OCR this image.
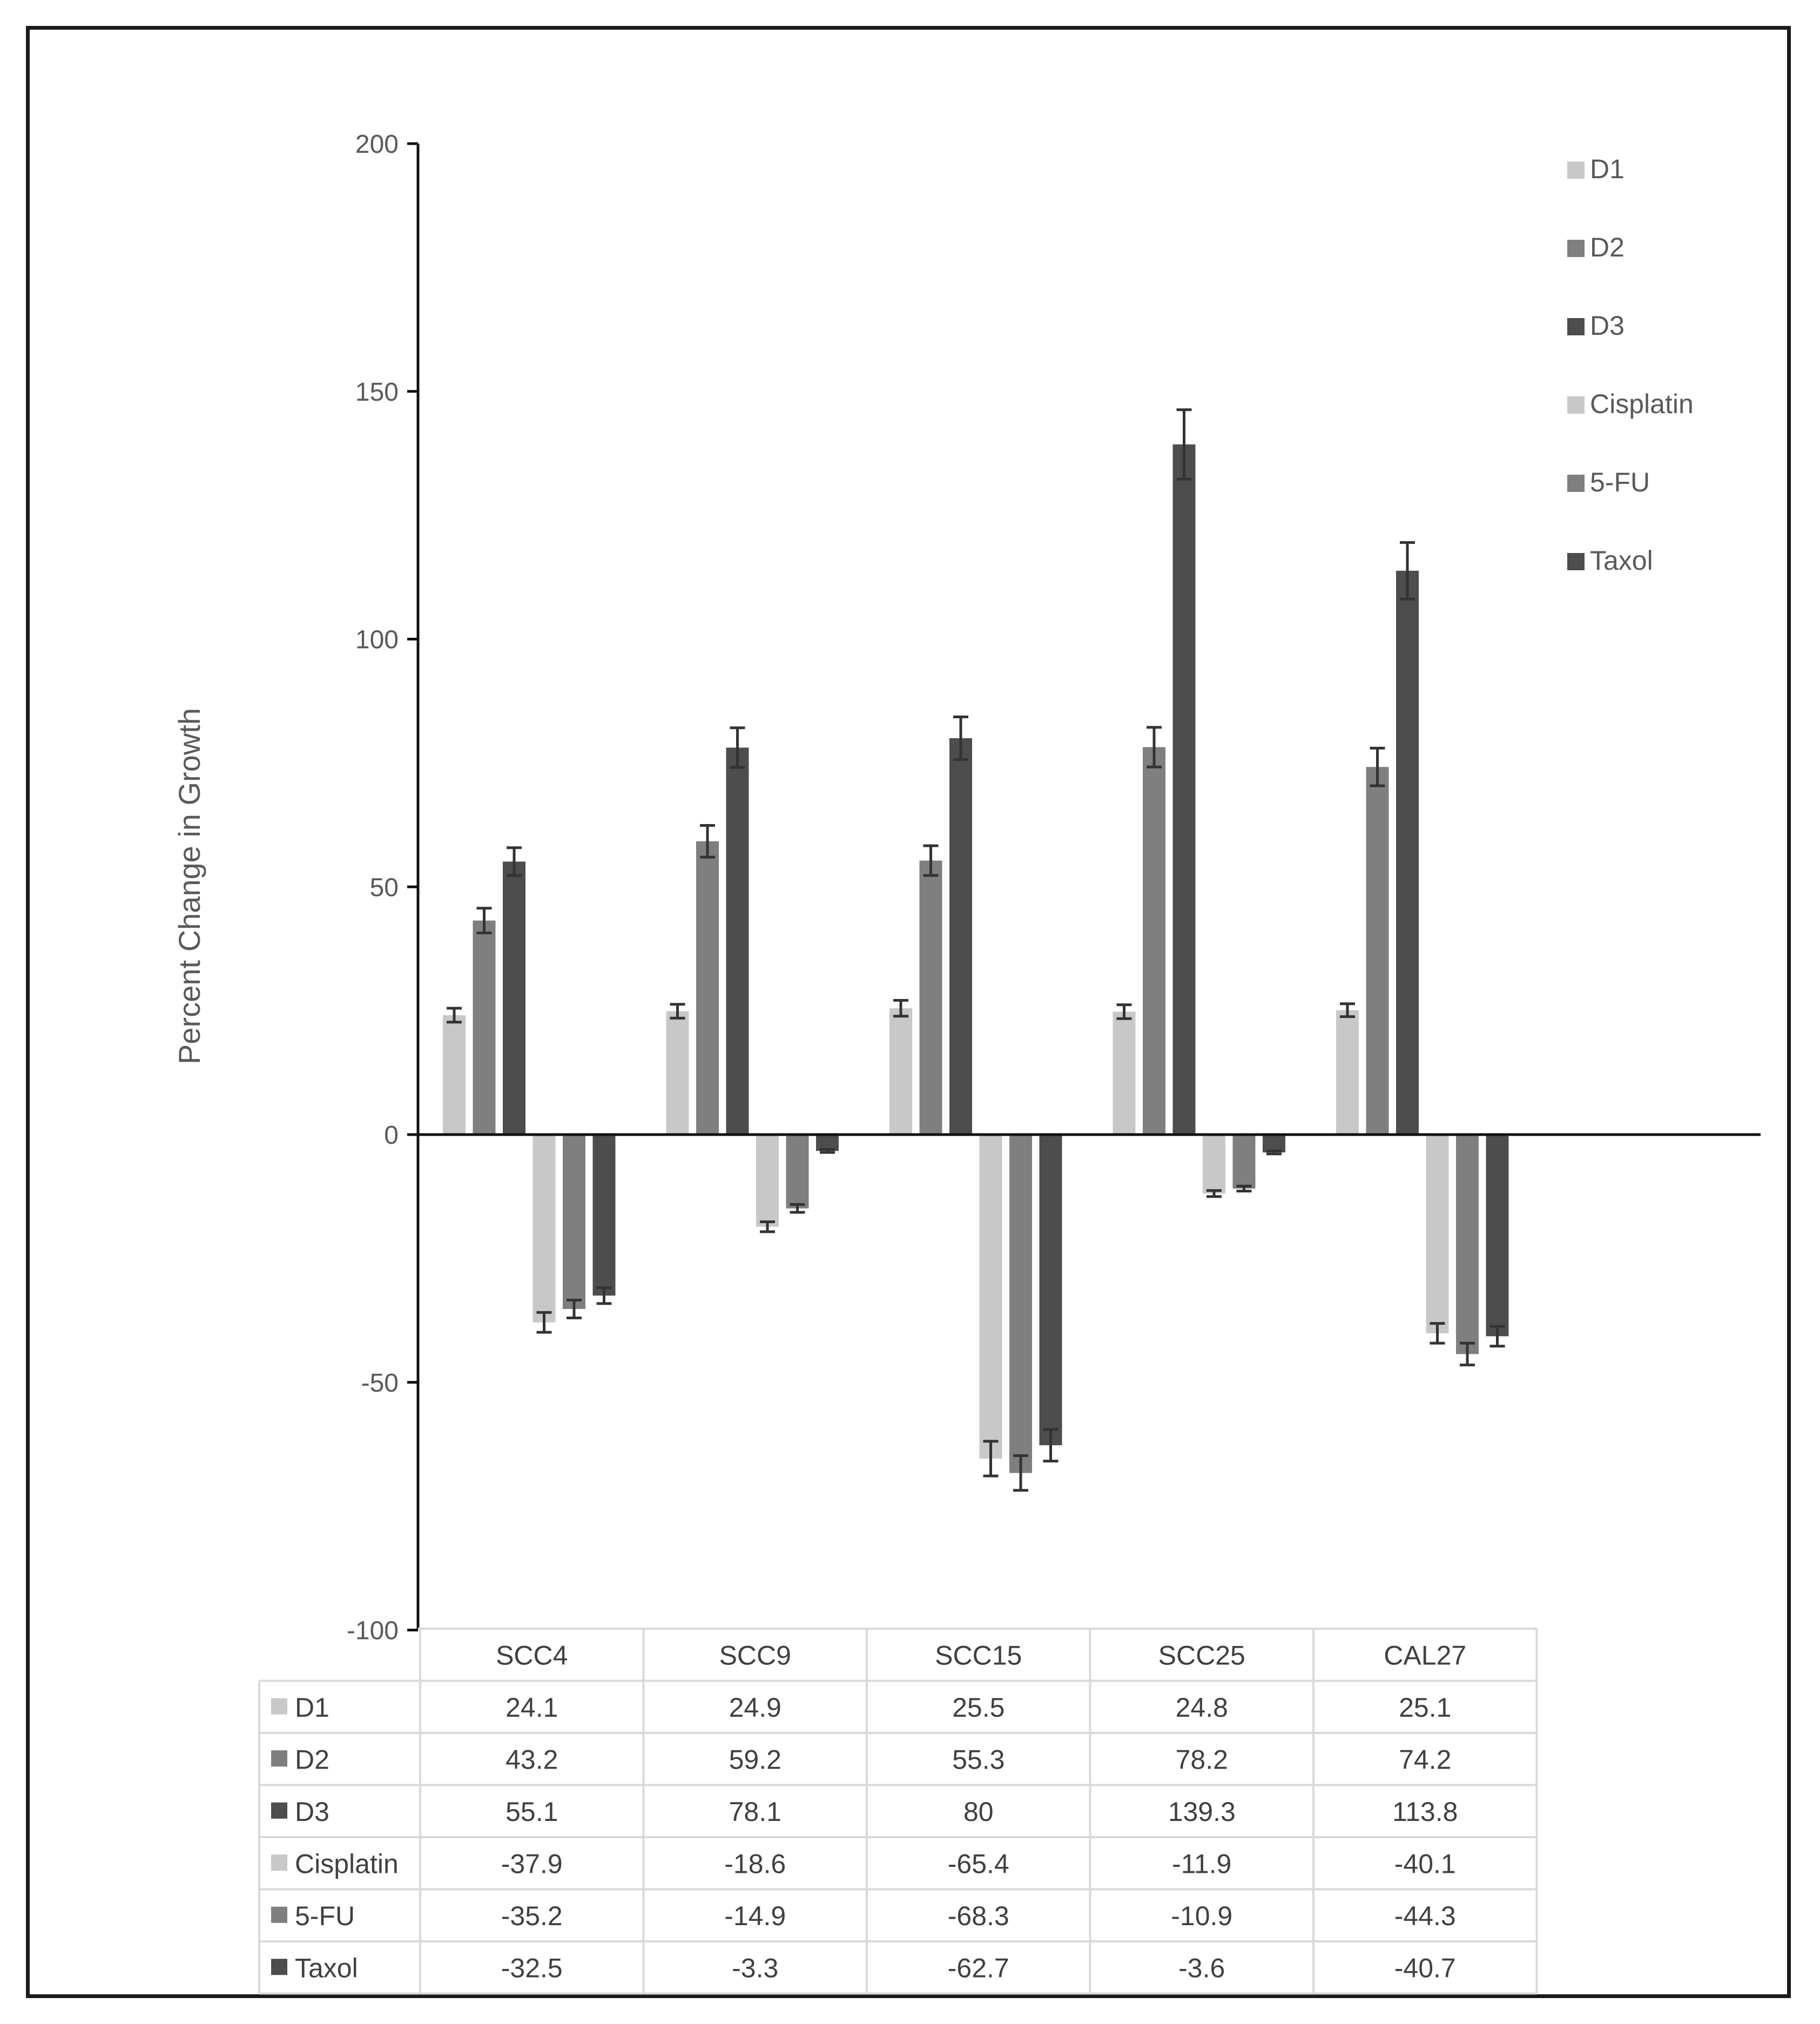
-100
-50
0
50
100
150
200
Percent Change in Growth
D1
D2
D3
Cisplatin
5-FU
Taxol
SCC4	SCC9	SCC15	SCC25	CAL27
D1	24.1	24.9	25.5	24.8	25.1
D2	43.2	59.2	55.3	78.2	74.2
D3	55.1	78.1	80	139.3	113.8
Cisplatin	-37.9	-18.6	-65.4	-11.9	-40.1
5-FU	-35.2	-14.9	-68.3	-10.9	-44.3
Taxol	-32.5	-3.3	-62.7	-3.6	-40.7
